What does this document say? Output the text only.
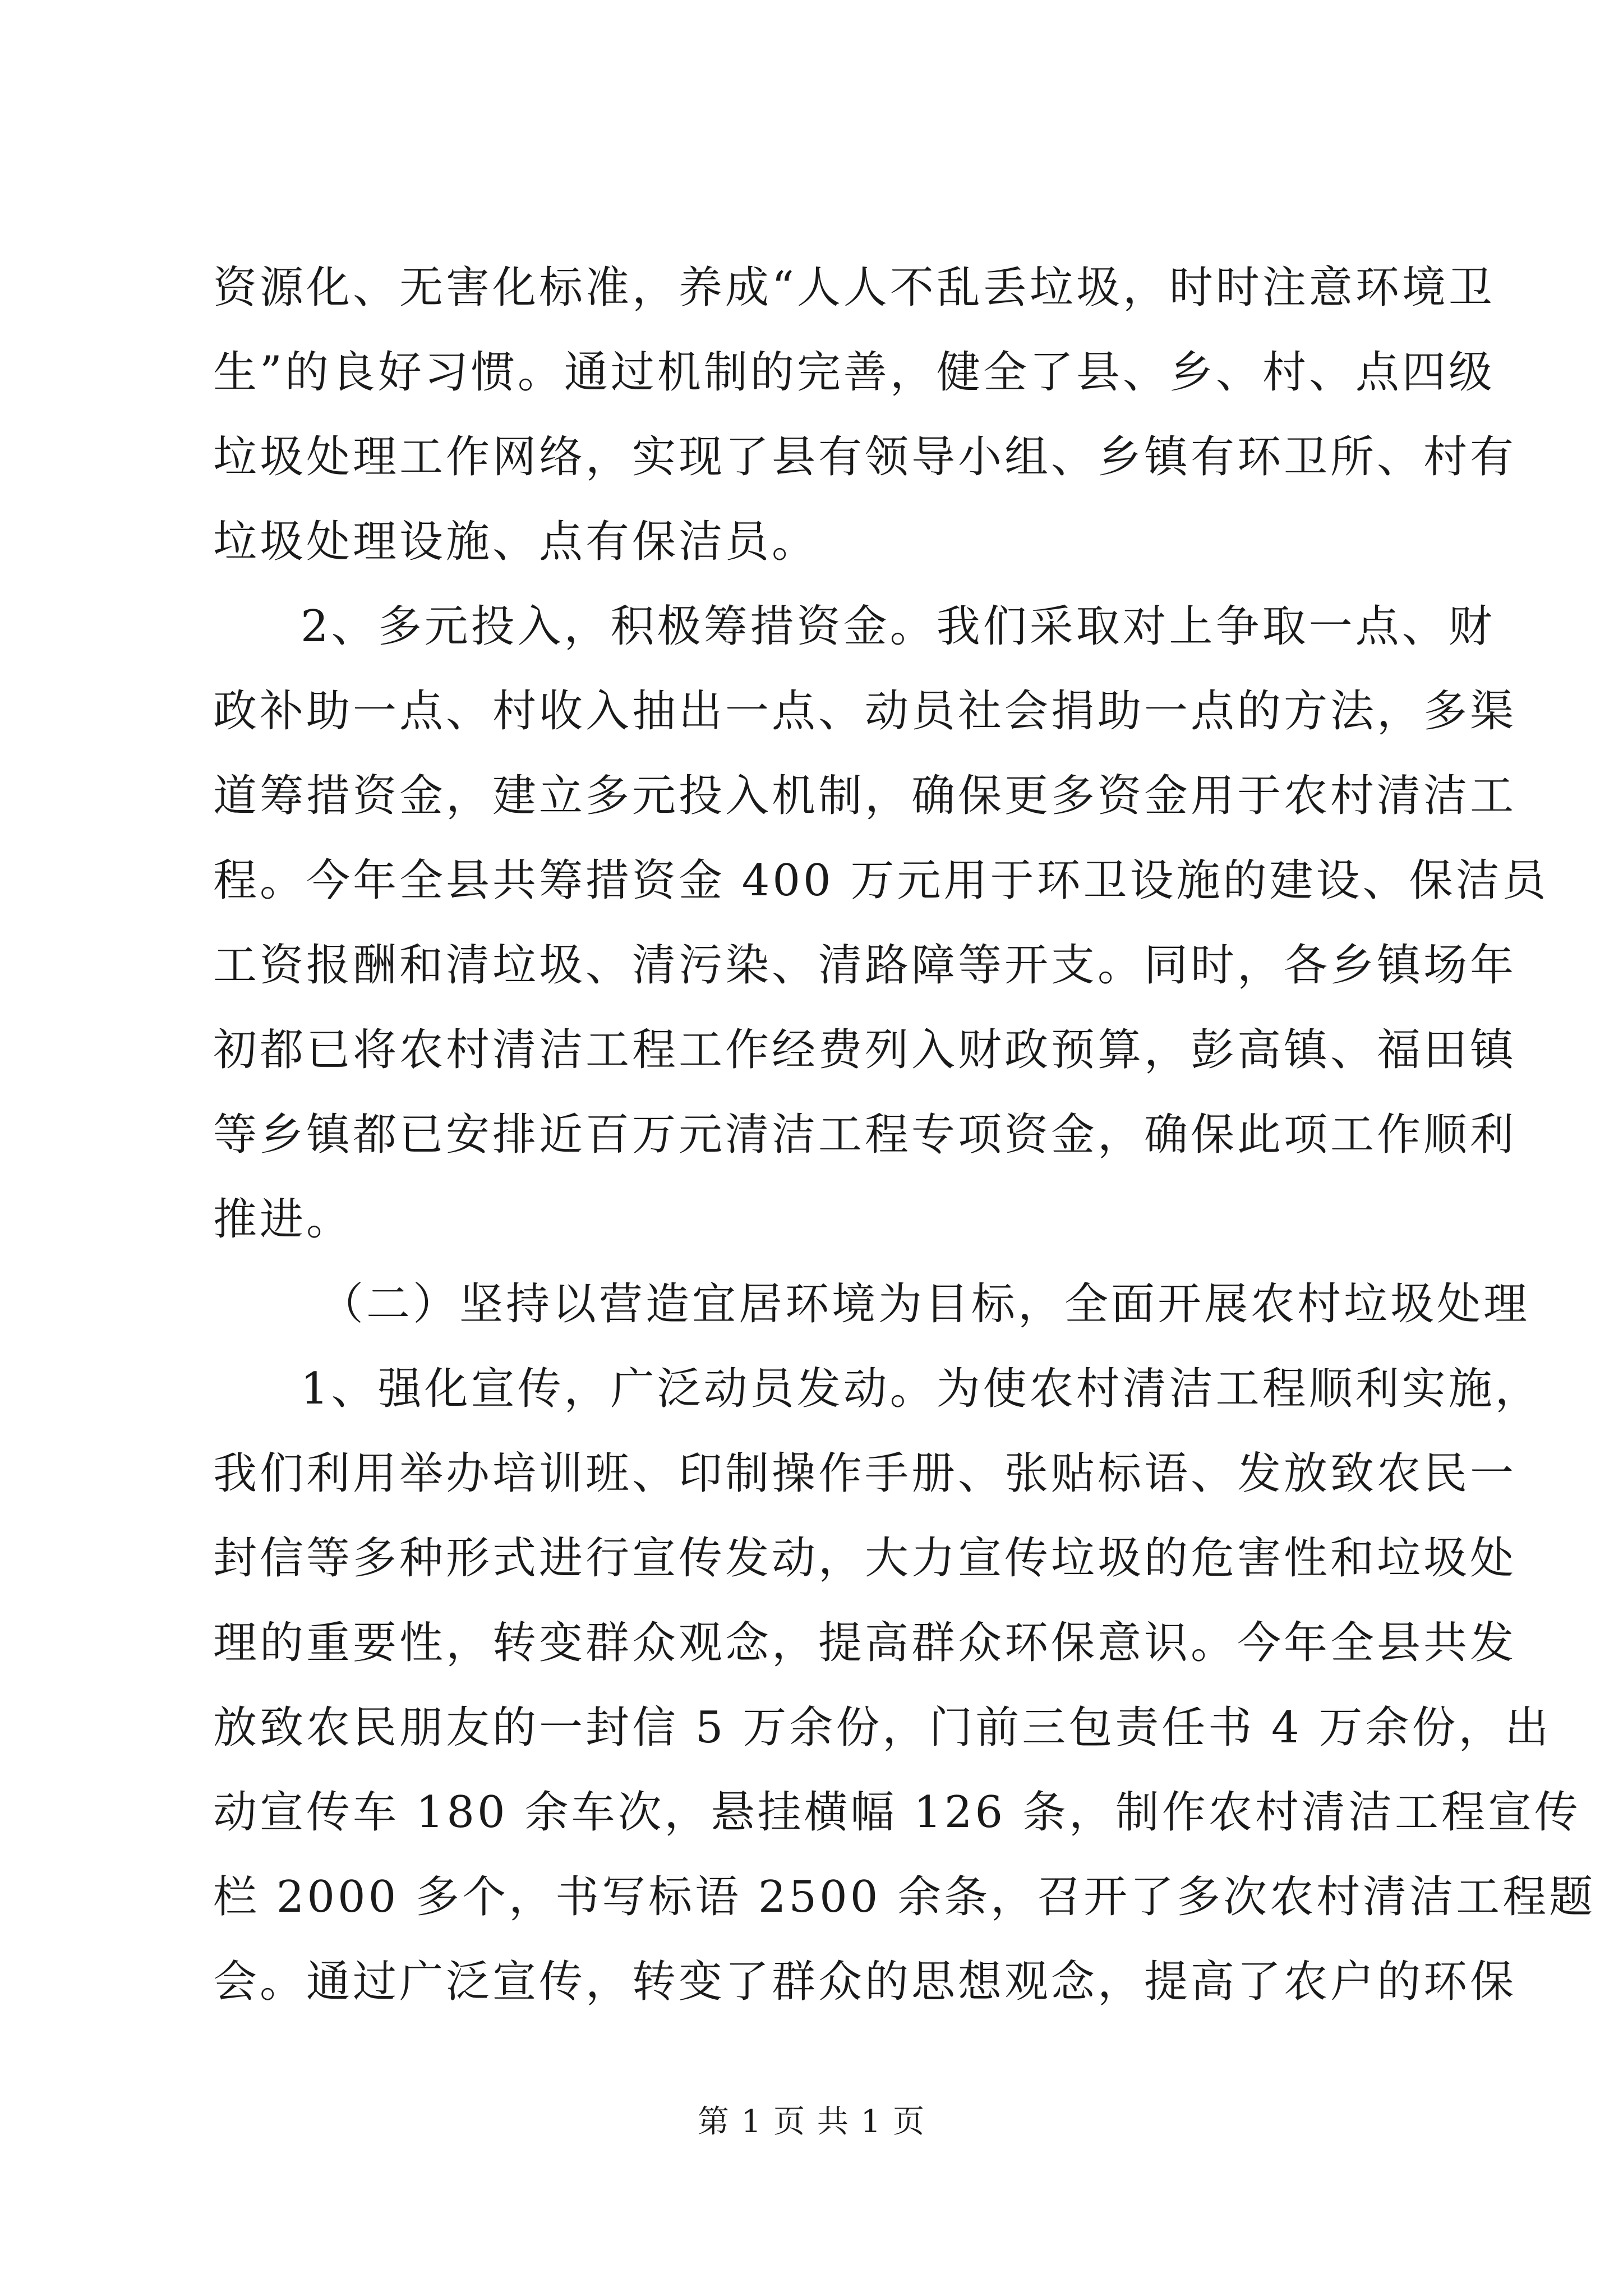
资源化、无害化标准，养成“人人不乱丢垃圾，时时注意环境卫
生”的良好习惯。通过机制的完善，健全了县、乡、村、点四级
垃圾处理工作网络，实现了县有领导小组、乡镇有环卫所、村有
垃圾处理设施、点有保洁员。
2、多元投入，积极筹措资金。我们采取对上争取一点、财
政补助一点、村收入抽出一点、动员社会捐助一点的方法，多渠
道筹措资金，建立多元投入机制，确保更多资金用于农村清洁工
程。今年全县共筹措资金 400 万元用于环卫设施的建设、保洁员
工资报酬和清垃圾、清污染、清路障等开支。同时，各乡镇场年
初都已将农村清洁工程工作经费列入财政预算，彭高镇、福田镇
等乡镇都已安排近百万元清洁工程专项资金，确保此项工作顺利
推进。
（二）坚持以营造宜居环境为目标，全面开展农村垃圾处理
1、强化宣传，广泛动员发动。为使农村清洁工程顺利实施，
我们利用举办培训班、印制操作手册、张贴标语、发放致农民一
封信等多种形式进行宣传发动，大力宣传垃圾的危害性和垃圾处
理的重要性，转变群众观念，提高群众环保意识。今年全县共发
放致农民朋友的一封信 5 万余份，门前三包责任书 4 万余份，出
动宣传车 180 余车次，悬挂横幅 126 条，制作农村清洁工程宣传
栏 2000 多个，书写标语 2500 余条，召开了多次农村清洁工程题
会。通过广泛宣传，转变了群众的思想观念，提高了农户的环保
第 1 页 共 1 页
